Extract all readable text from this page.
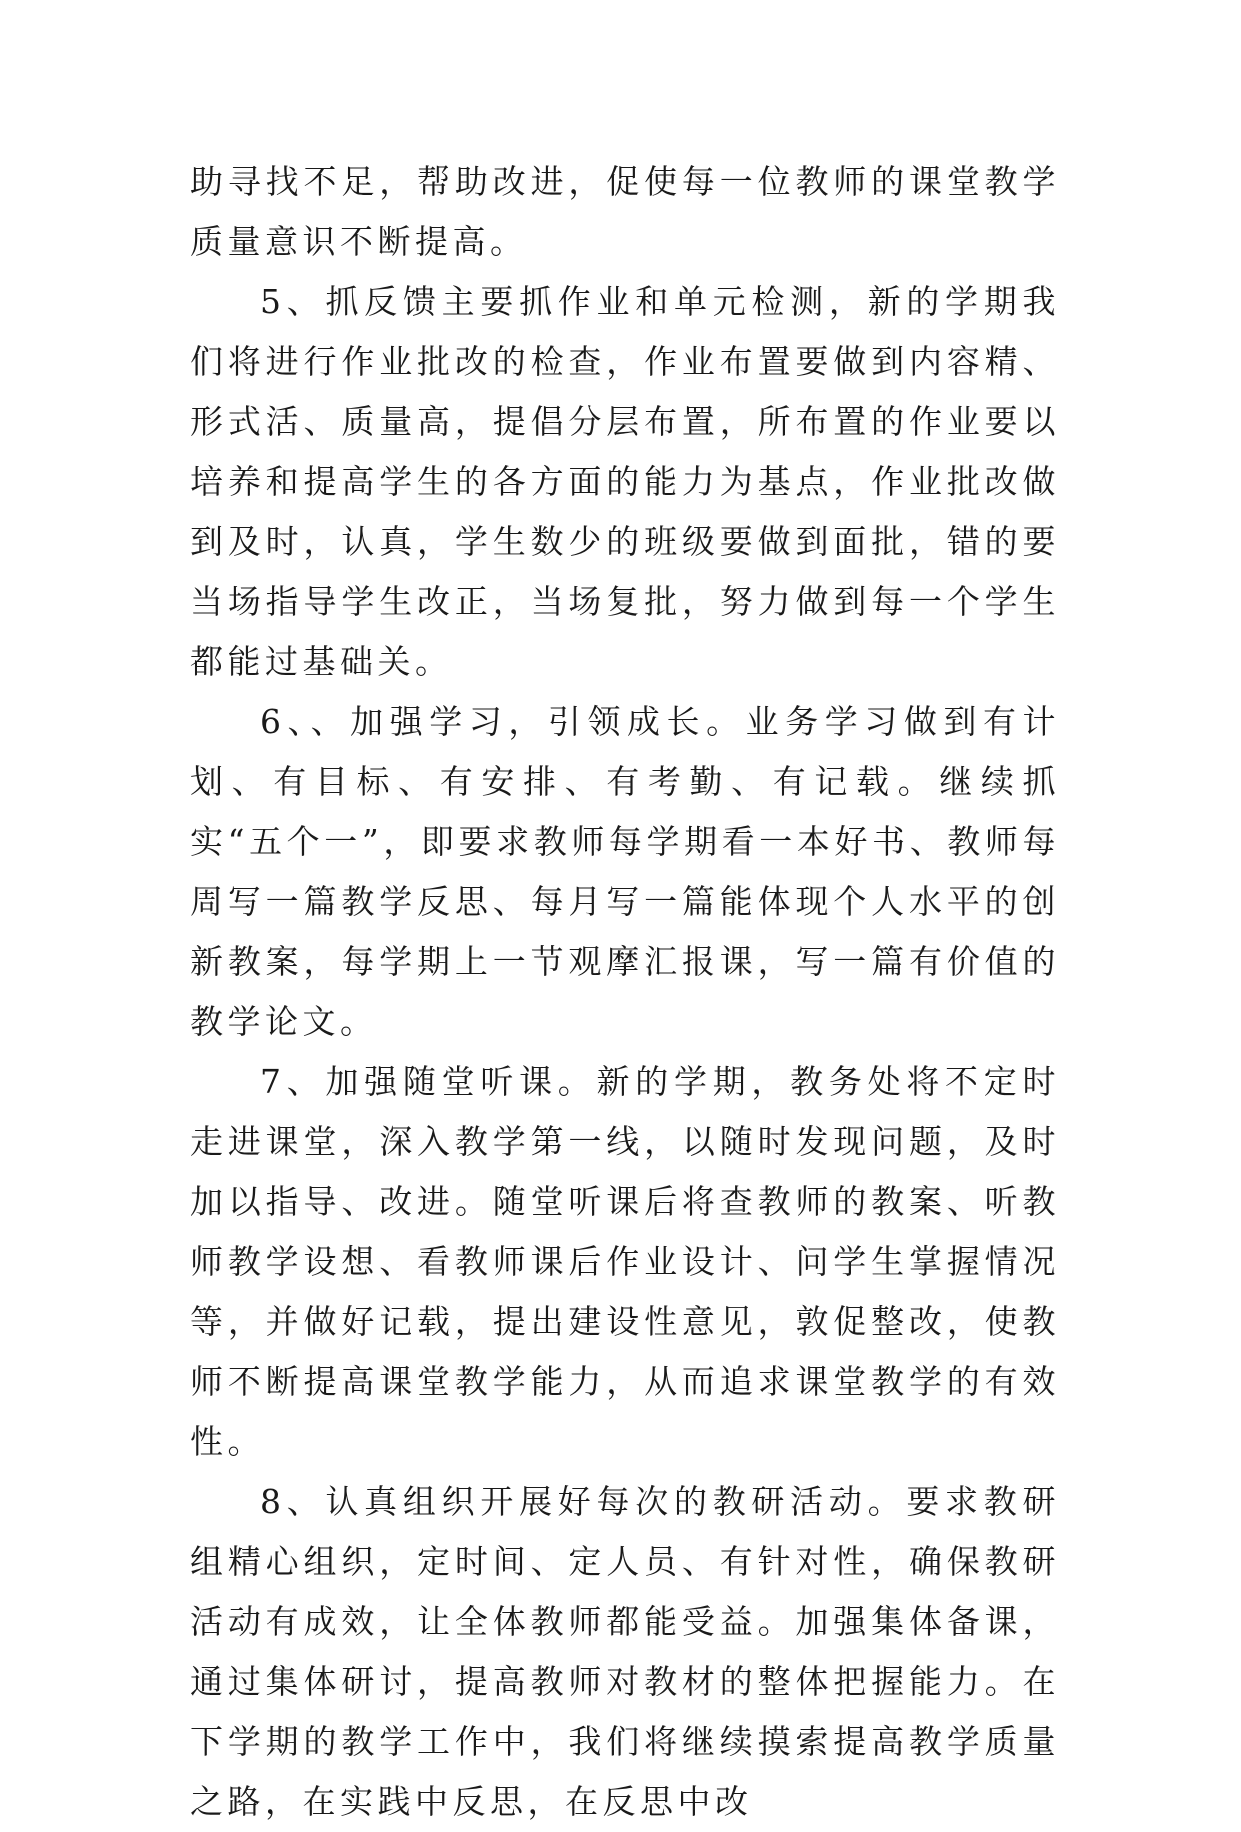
助寻找不足，帮助改进，促使每一位教师的课堂教学质量意识不断提高。

5、抓反馈主要抓作业和单元检测，新的学期我们将进行作业批改的检查，作业布置要做到内容精、形式活、质量高，提倡分层布置，所布置的作业要以培养和提高学生的各方面的能力为基点，作业批改做到及时，认真，学生数少的班级要做到面批，错的要当场指导学生改正，当场复批，努力做到每一个学生都能过基础关。

6、、加强学习，引领成长。业务学习做到有计划、有目标、有安排、有考勤、有记载。继续抓实“五个一”，即要求教师每学期看一本好书、教师每周写一篇教学反思、每月写一篇能体现个人水平的创新教案，每学期上一节观摩汇报课，写一篇有价值的教学论文。

7、加强随堂听课。新的学期，教务处将不定时走进课堂，深入教学第一线，以随时发现问题，及时加以指导、改进。随堂听课后将查教师的教案、听教师教学设想、看教师课后作业设计、问学生掌握情况等，并做好记载，提出建设性意见，敦促整改，使教师不断提高课堂教学能力，从而追求课堂教学的有效性。

8、认真组织开展好每次的教研活动。要求教研组精心组织，定时间、定人员、有针对性，确保教研活动有成效，让全体教师都能受益。加强集体备课，通过集体研讨，提高教师对教材的整体把握能力。在下学期的教学工作中，我们将继续摸索提高教学质量之路，在实践中反思，在反思中改
